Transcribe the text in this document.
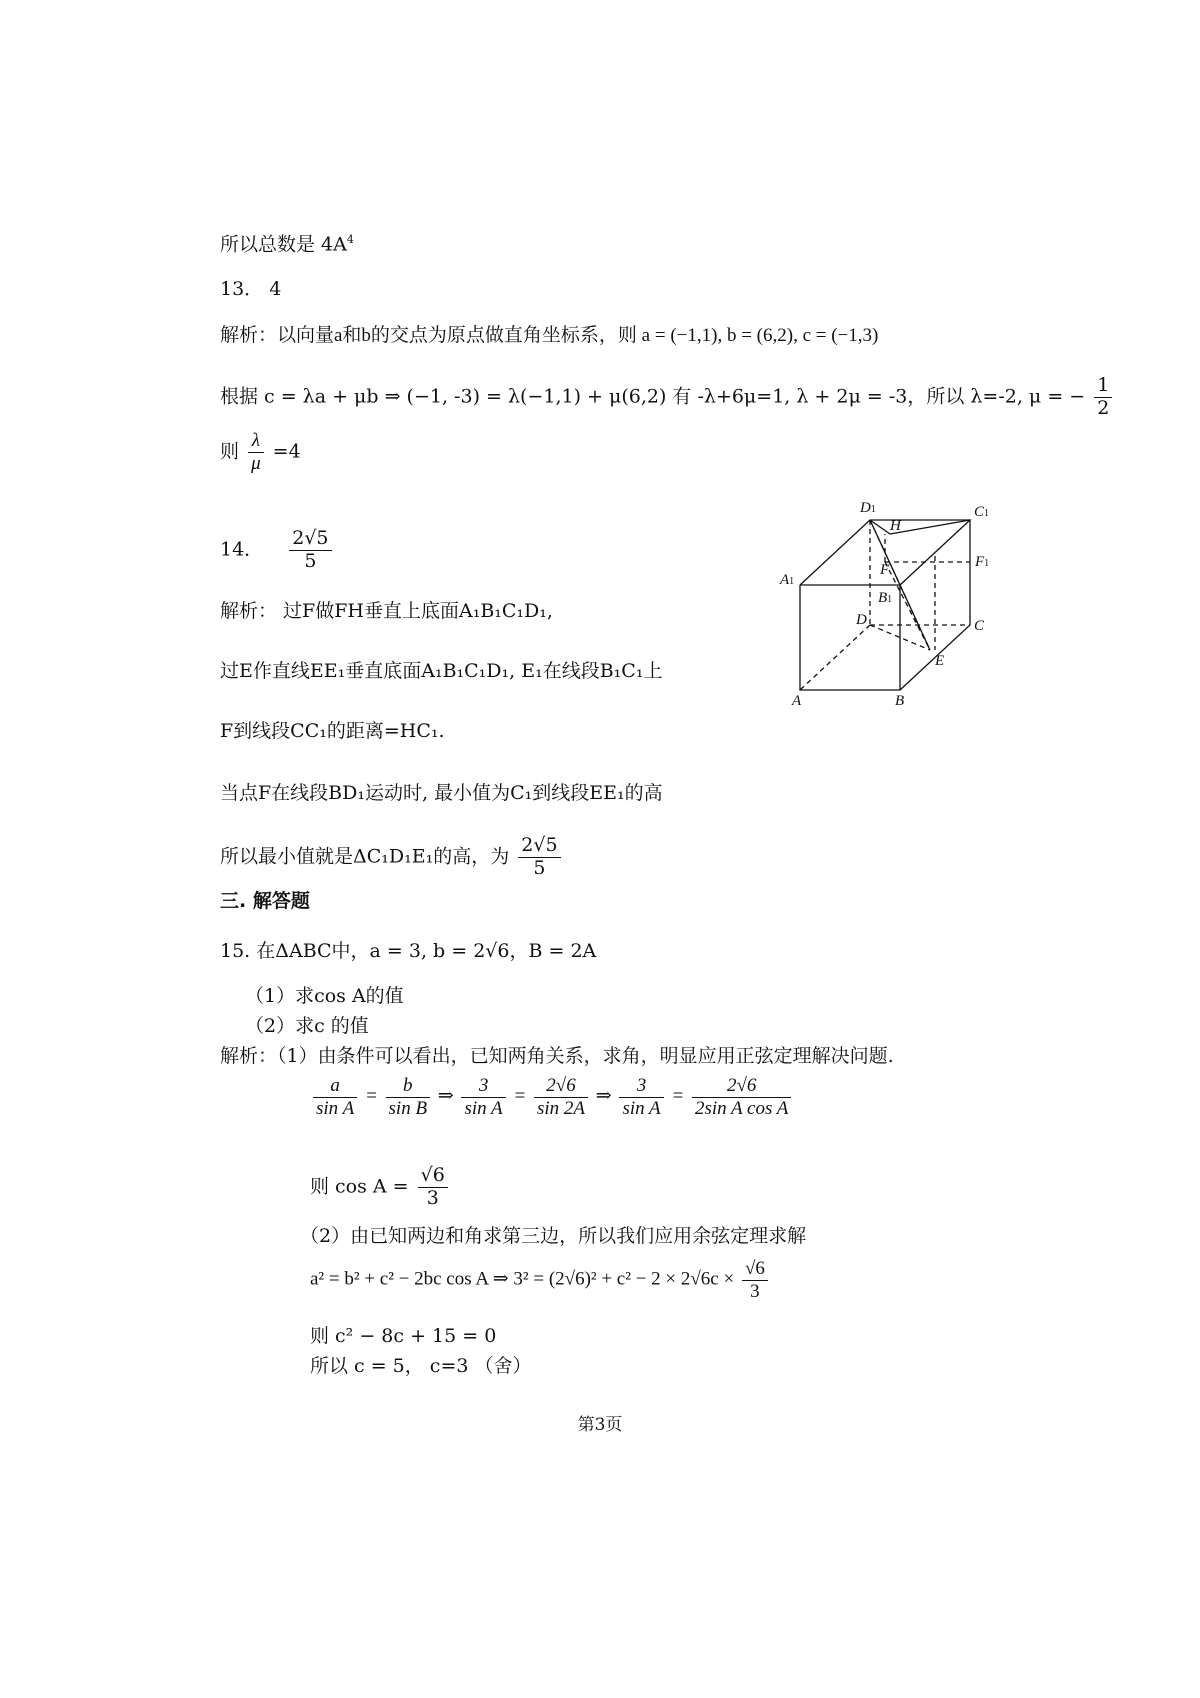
所以总数是 $4A^4$
13． 4
解析：以向量a和b的交点为原点做直角坐标系，则 a = (−1,1), b = (6,2), c = (−1,3)
根据 c = λa + μb ⇒ (−1, -3) = λ(−1,1) + μ(6,2) 有 -λ+6μ=1, λ + 2μ = -3，所以 λ=-2, μ = − $\frac{1}{2}$
则 $\frac{\lambda}{\mu} =4$
14． $\frac{2√5}{5}$
解析： 过F做FH垂直上底面A₁B₁C₁D₁,
过E作直线EE₁垂直底面A₁B₁C₁D₁, E₁在线段B₁C₁上
F到线段CC₁的距离=HC₁.
当点F在线段BD₁运动时, 最小值为C₁到线段EE₁的高
所以最小值就是ΔC₁D₁E₁的高，为 $\frac{2√5}{5}$
三. 解答题
15. 在ΔABC中，a = 3, b = 2√6，B = 2A
（1）求cos A的值
（2）求c 的值
解析：（1）由条件可以看出，已知两角关系，求角，明显应用正弦定理解决问题.
$\frac{a}{\text{sin A}} = \frac{b}{\text{sin B}}$ ⇒ $\frac{3}{\text{sin A}} = \frac{2√6}{\sin 2A}$ ⇒ $\frac{3}{\text{sin A}} = \frac{2√6}{\text{2sin A cos A}}$
则 $\cos A = \frac{√6}{3}$
（2）由已知两边和角求第三边，所以我们应用余弦定理求解
a² = b² + c² − 2bc cos A ⇒ $3^2 = (2√6)^2 + c^2 - 2 \times 2√6c \times \frac{√6}{3}$
则 c² − 8c + 15 = 0
所以 c = 5， c=3 （舍）
D1	C1
H
F1
F
A1
B1
D	C
E
A	B
第3页
